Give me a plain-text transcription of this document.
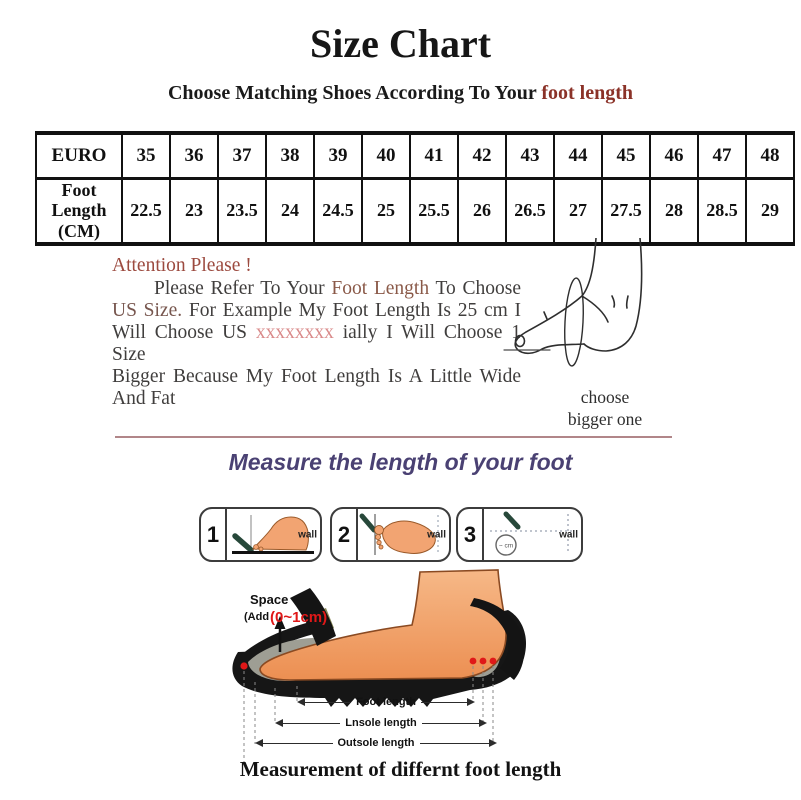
Size Chart
Choose Matching Shoes According To Your foot length
EURO	35	36	37	38	39	40	41	42	43	44	45	46	47	48
Foot Length (CM)	22.5	23	23.5	24	24.5	25	25.5	26	26.5	27	27.5	28	28.5	29
Attention Please !
Please Refer To Your Foot Length To Choose
US Size. For Example My Foot Length Is 25 cm I
Will Choose US xxxxxxxx ially I Will Choose 1 Size
Bigger Because My Foot Length Is A Little Wide
And Fat	choose
bigger one
Measure the length of your foot
1	wall 2	wall 3	~ cm
wall
Space
(Add (0~1cm)
Foot length
Lnsole length
Outsole length
Measurement of differnt foot length
